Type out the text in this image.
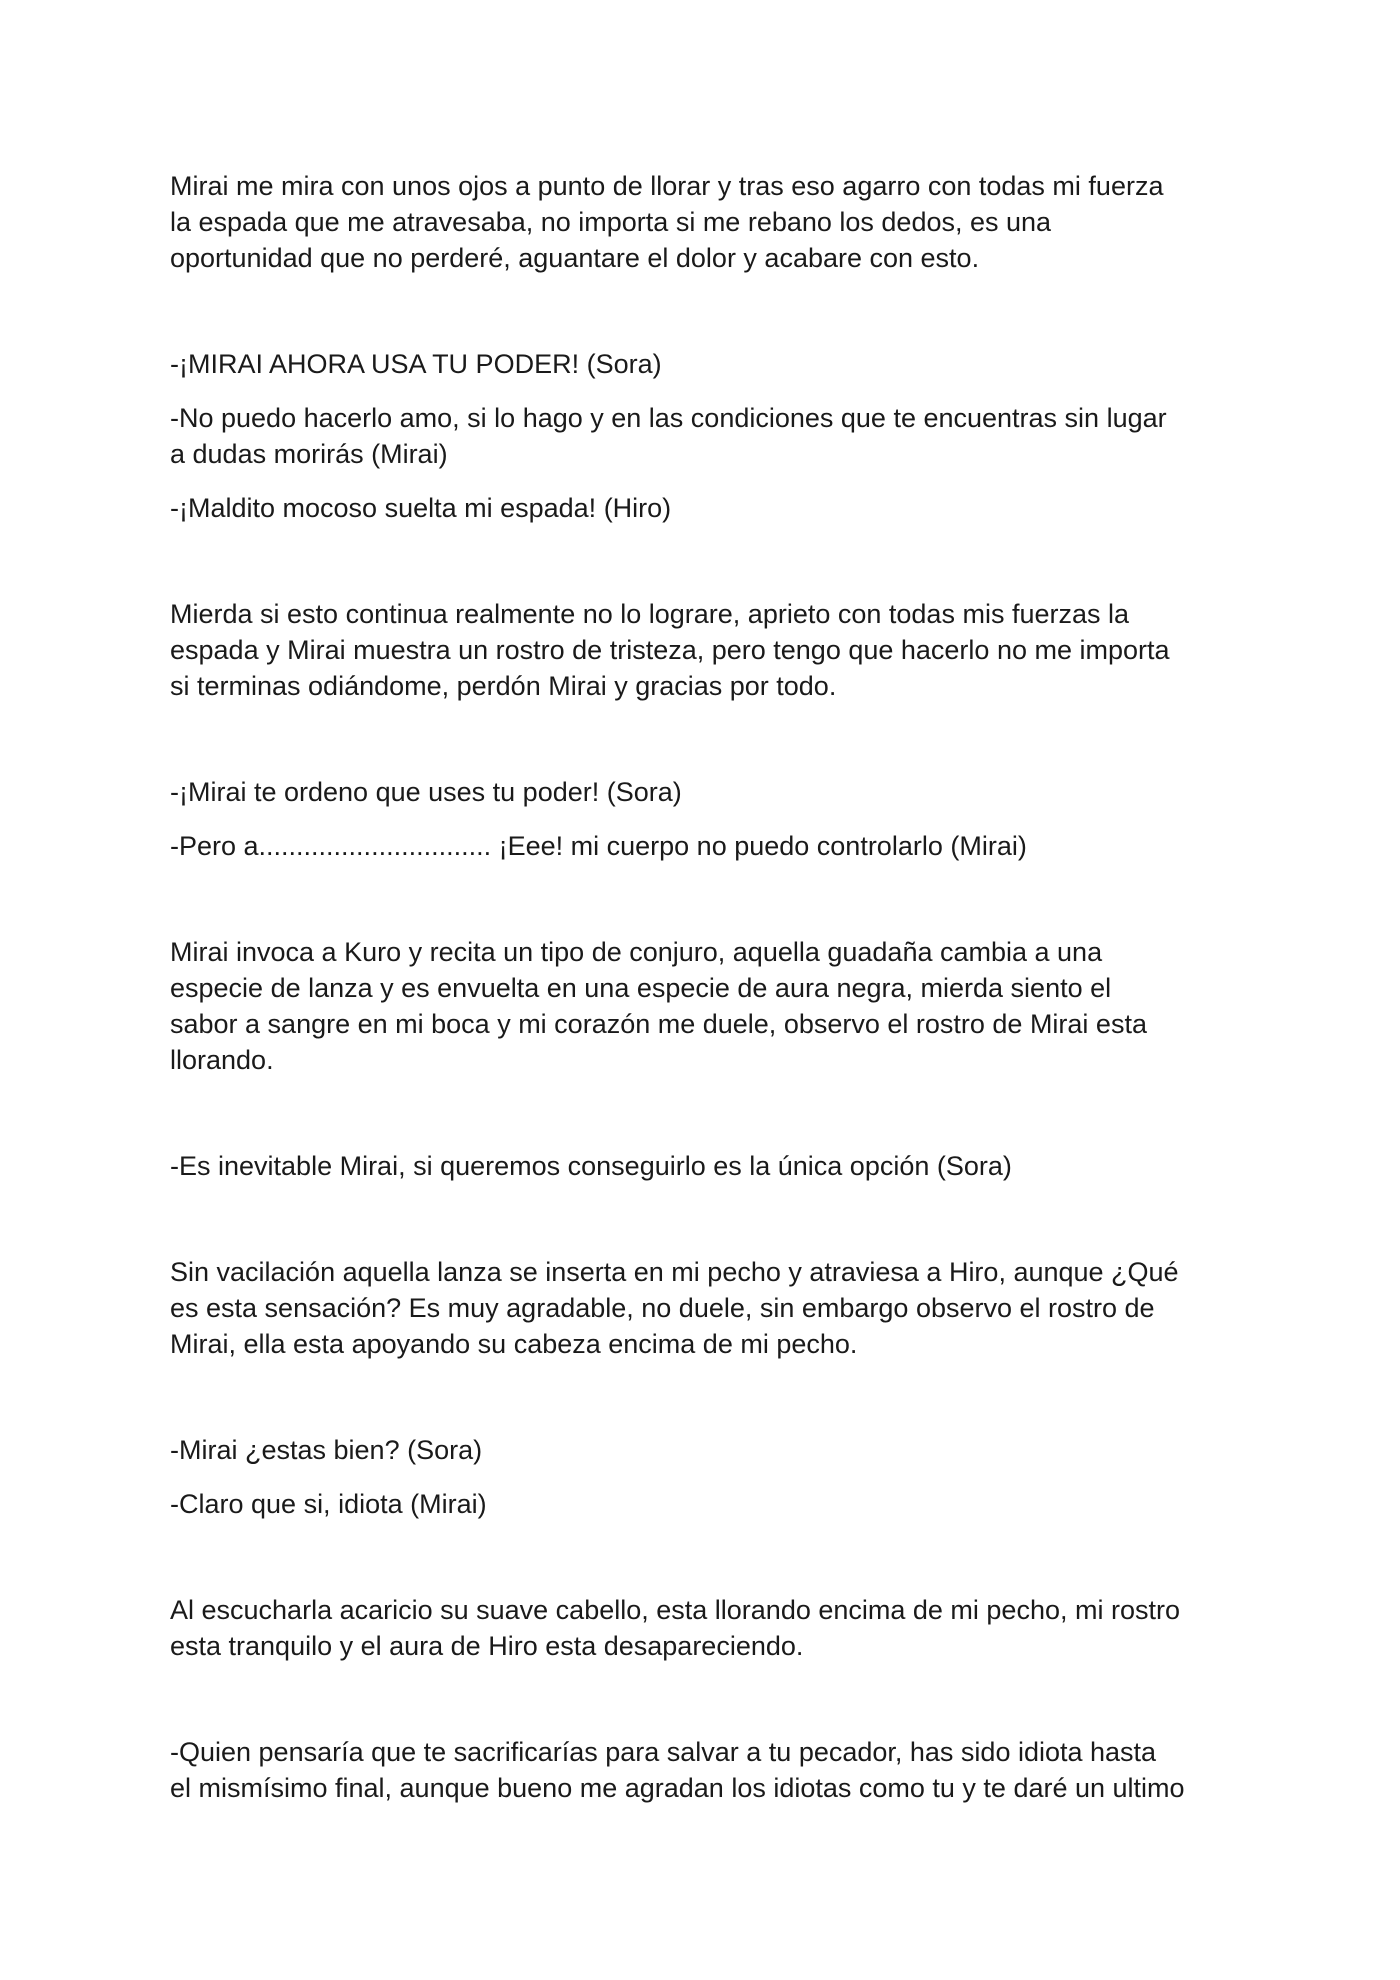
Mirai me mira con unos ojos a punto de llorar y tras eso agarro con todas mi fuerza
la espada que me atravesaba, no importa si me rebano los dedos, es una
oportunidad que no perderé, aguantare el dolor y acabare con esto.

-¡MIRAI AHORA USA TU PODER! (Sora)

-No puedo hacerlo amo, si lo hago y en las condiciones que te encuentras sin lugar
a dudas morirás (Mirai)

-¡Maldito mocoso suelta mi espada! (Hiro)

Mierda si esto continua realmente no lo lograre, aprieto con todas mis fuerzas la
espada y Mirai muestra un rostro de tristeza, pero tengo que hacerlo no me importa
si terminas odiándome, perdón Mirai y gracias por todo.

-¡Mirai te ordeno que uses tu poder! (Sora)

-Pero a............................... ¡Eee! mi cuerpo no puedo controlarlo (Mirai)

Mirai invoca a Kuro y recita un tipo de conjuro, aquella guadaña cambia a una
especie de lanza y es envuelta en una especie de aura negra, mierda siento el
sabor a sangre en mi boca y mi corazón me duele, observo el rostro de Mirai esta
llorando.

-Es inevitable Mirai, si queremos conseguirlo es la única opción (Sora)

Sin vacilación aquella lanza se inserta en mi pecho y atraviesa a Hiro, aunque ¿Qué
es esta sensación? Es muy agradable, no duele, sin embargo observo el rostro de
Mirai, ella esta apoyando su cabeza encima de mi pecho.

-Mirai ¿estas bien? (Sora)

-Claro que si, idiota (Mirai)

Al escucharla acaricio su suave cabello, esta llorando encima de mi pecho, mi rostro
esta tranquilo y el aura de Hiro esta desapareciendo.

-Quien pensaría que te sacrificarías para salvar a tu pecador, has sido idiota hasta
el mismísimo final, aunque bueno me agradan los idiotas como tu y te daré un ultimo
